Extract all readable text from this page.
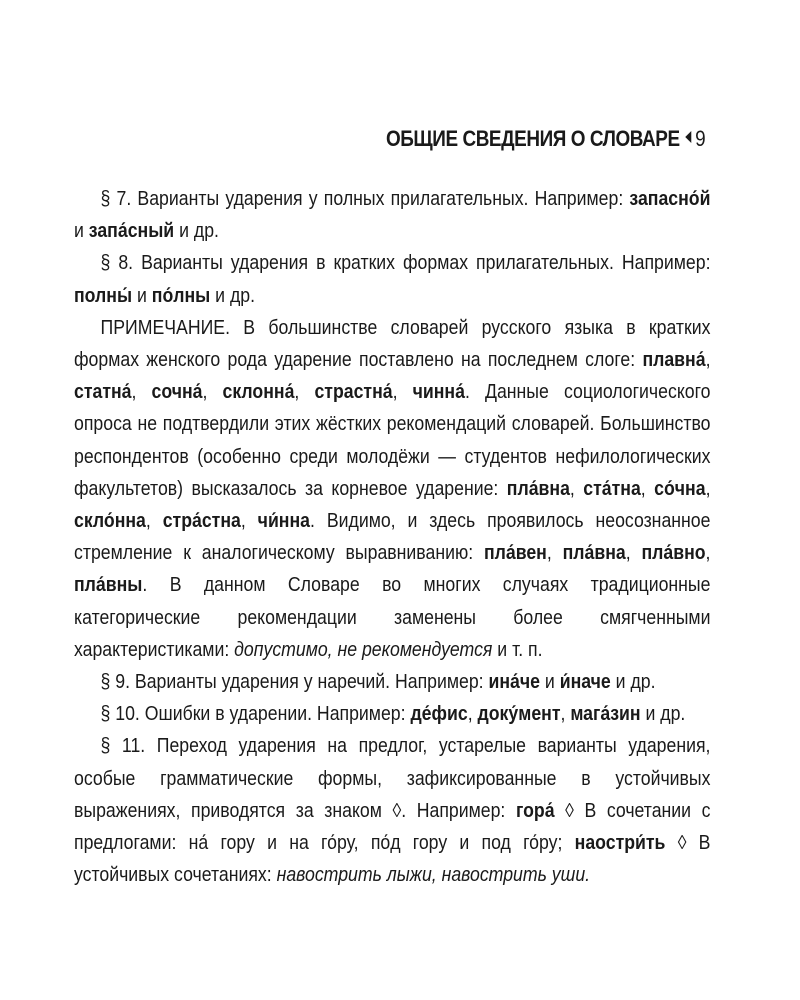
ОБЩИЕ СВЕДЕНИЯ О СЛОВАРЕ 9

§ 7. Варианты ударения у полных прилагательных. Например: запасно́й и запа́сный и др.

§ 8. Варианты ударения в кратких формах прилагательных. Например: полны́ и по́лны и др.

ПРИМЕЧАНИЕ. В большинстве словарей русского языка в кратких формах женского рода ударение поставлено на последнем слоге: плавна́, статна́, сочна́, склонна́, страстна́, чинна́. Данные социологического опроса не подтвердили этих жёстких рекомендаций словарей. Большинство респондентов (особенно среди молодёжи — студентов нефилологических факультетов) высказалось за корневое ударение: пла́вна, ста́тна, со́чна, скло́нна, стра́стна, чи́нна. Видимо, и здесь проявилось неосознанное стремление к аналогическому выравниванию: пла́вен, пла́вна, пла́вно, пла́вны. В данном Словаре во многих случаях традиционные категорические рекомендации заменены более смягченными характеристиками: допустимо, не рекомендуется и т. п.

§ 9. Варианты ударения у наречий. Например: ина́че и и́наче и др.

§ 10. Ошибки в ударении. Например: де́фис, доку́мент, мага́зин и др.

§ 11. Переход ударения на предлог, устарелые варианты ударения, особые грамматические формы, зафиксированные в устойчивых выражениях, приводятся за знаком ◊. Например: гора́ ◊ В сочетании с предлогами: на́ гору и на го́ру, по́д гору и под го́ру; наостри́ть ◊ В устойчивых сочетаниях: навострить лыжи, навострить уши.
